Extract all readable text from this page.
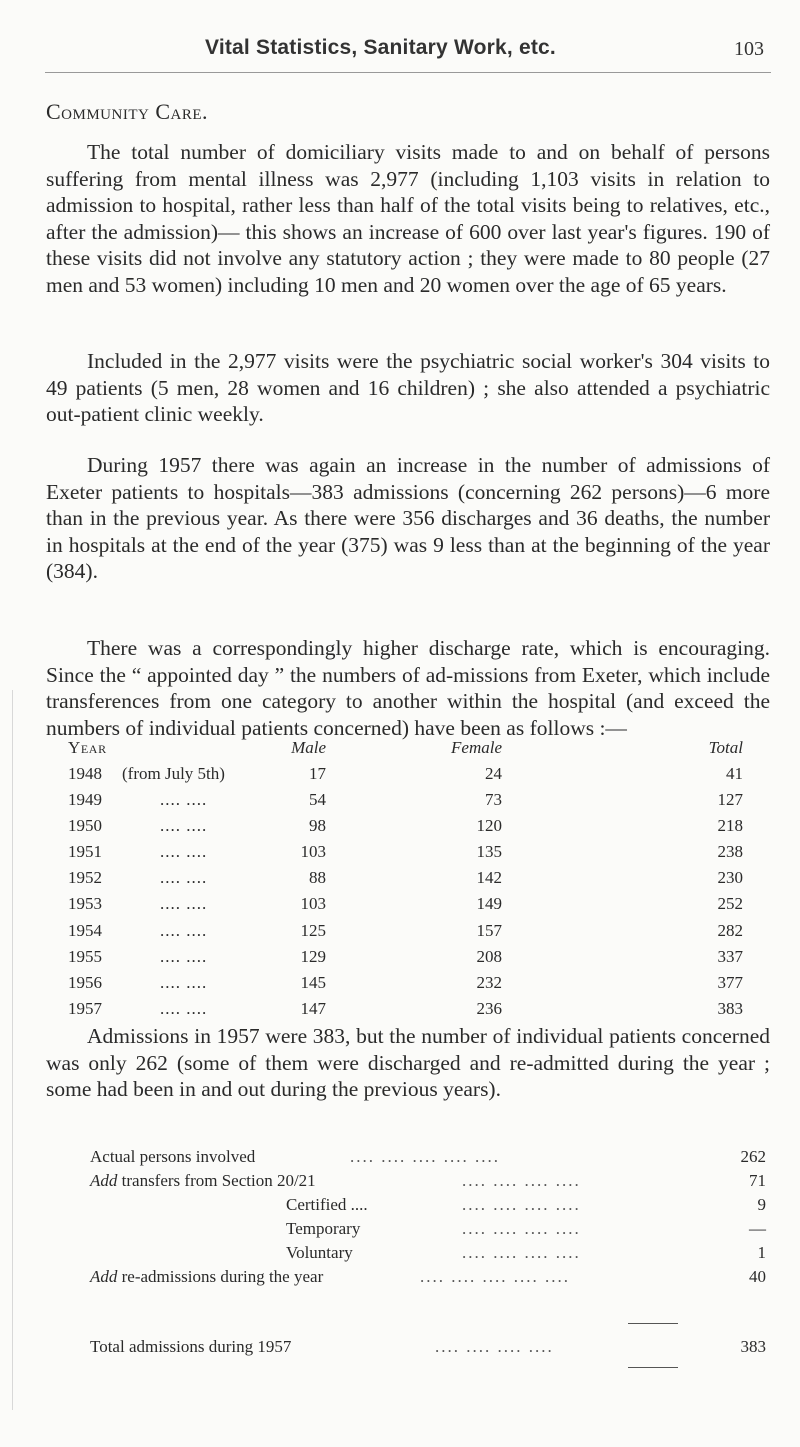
Vital Statistics, Sanitary Work, etc.	103
Community Care.

The total number of domiciliary visits made to and on behalf of persons suffering from mental illness was 2,977 (including 1,103 visits in relation to admission to hospital, rather less than half of the total visits being to relatives, etc., after the admission)— this shows an increase of 600 over last year's figures. 190 of these visits did not involve any statutory action ; they were made to 80 people (27 men and 53 women) including 10 men and 20 women over the age of 65 years.

Included in the 2,977 visits were the psychiatric social worker's 304 visits to 49 patients (5 men, 28 women and 16 children) ; she also attended a psychiatric out-patient clinic weekly.

During 1957 there was again an increase in the number of admissions of Exeter patients to hospitals—383 admissions (concerning 262 persons)—6 more than in the previous year. As there were 356 discharges and 36 deaths, the number in hospitals at the end of the year (375) was 9 less than at the beginning of the year (384).

There was a correspondingly higher discharge rate, which is encouraging. Since the “ appointed day ” the numbers of ad-missions from Exeter, which include transferences from one category to another within the hospital (and exceed the numbers of individual patients concerned) have been as follows :—

Year	Male	Female	Total
1948 (from July 5th)	17	24	41
1949	.... ....	54	73	127
1950	.... ....	98	120	218
1951	.... ....	103	135	238
1952	.... ....	88	142	230
1953	.... ....	103	149	252
1954	.... ....	125	157	282
1955	.... ....	129	208	337
1956	.... ....	145	232	377
1957	.... ....	147	236	383

Admissions in 1957 were 383, but the number of individual patients concerned was only 262 (some of them were discharged and re-admitted during the year ; some had been in and out during the previous years).

Actual persons involved	.... .... .... .... ....	262
Add transfers from Section 20/21	.... .... .... ....	71
Certified ....	.... .... .... ....	9
Temporary	.... .... .... ....	—
Voluntary	.... .... .... ....	1
Add re-admissions during the year	.... .... .... .... ....	40
Total admissions during 1957	.... .... .... ....	383
